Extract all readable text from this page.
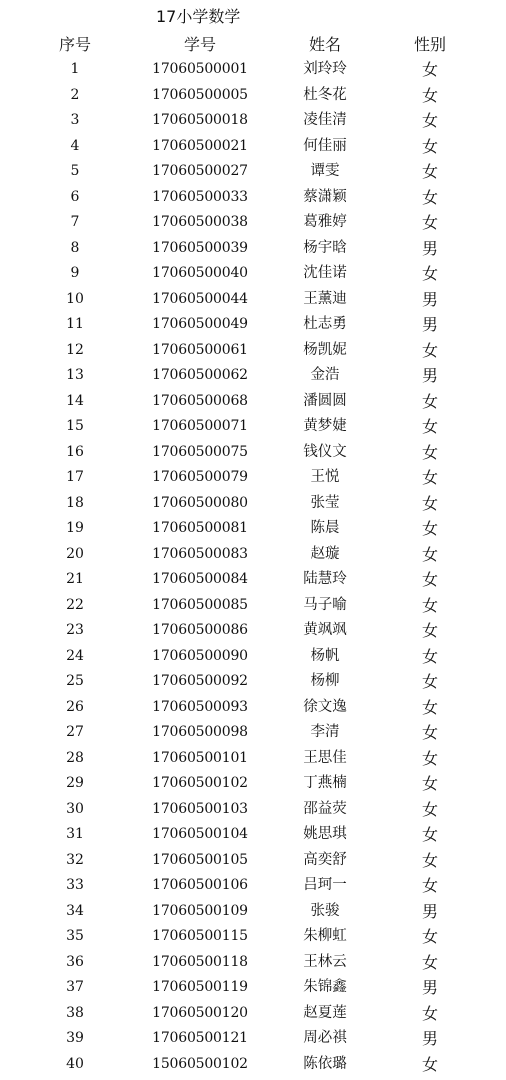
17小学数学
序号	学号	姓名	性别
1	17060500001	刘玲玲	女
2	17060500005	杜冬花	女
3	17060500018	凌佳清	女
4	17060500021	何佳丽	女
5	17060500027	谭雯	女
6	17060500033	蔡潇颖	女
7	17060500038	葛雅婷	女
8	17060500039	杨宇晗	男
9	17060500040	沈佳诺	女
10	17060500044	王薰迪	男
11	17060500049	杜志勇	男
12	17060500061	杨凯妮	女
13	17060500062	金浩	男
14	17060500068	潘圆圆	女
15	17060500071	黄梦婕	女
16	17060500075	钱仪文	女
17	17060500079	王悦	女
18	17060500080	张莹	女
19	17060500081	陈晨	女
20	17060500083	赵璇	女
21	17060500084	陆慧玲	女
22	17060500085	马子喻	女
23	17060500086	黄飒飒	女
24	17060500090	杨帆	女
25	17060500092	杨柳	女
26	17060500093	徐文逸	女
27	17060500098	李清	女
28	17060500101	王思佳	女
29	17060500102	丁燕楠	女
30	17060500103	邵益荧	女
31	17060500104	姚思琪	女
32	17060500105	高奕舒	女
33	17060500106	吕珂一	女
34	17060500109	张骏	男
35	17060500115	朱柳虹	女
36	17060500118	王林云	女
37	17060500119	朱锦鑫	男
38	17060500120	赵夏莲	女
39	17060500121	周必祺	男
40	15060500102	陈依璐	女
